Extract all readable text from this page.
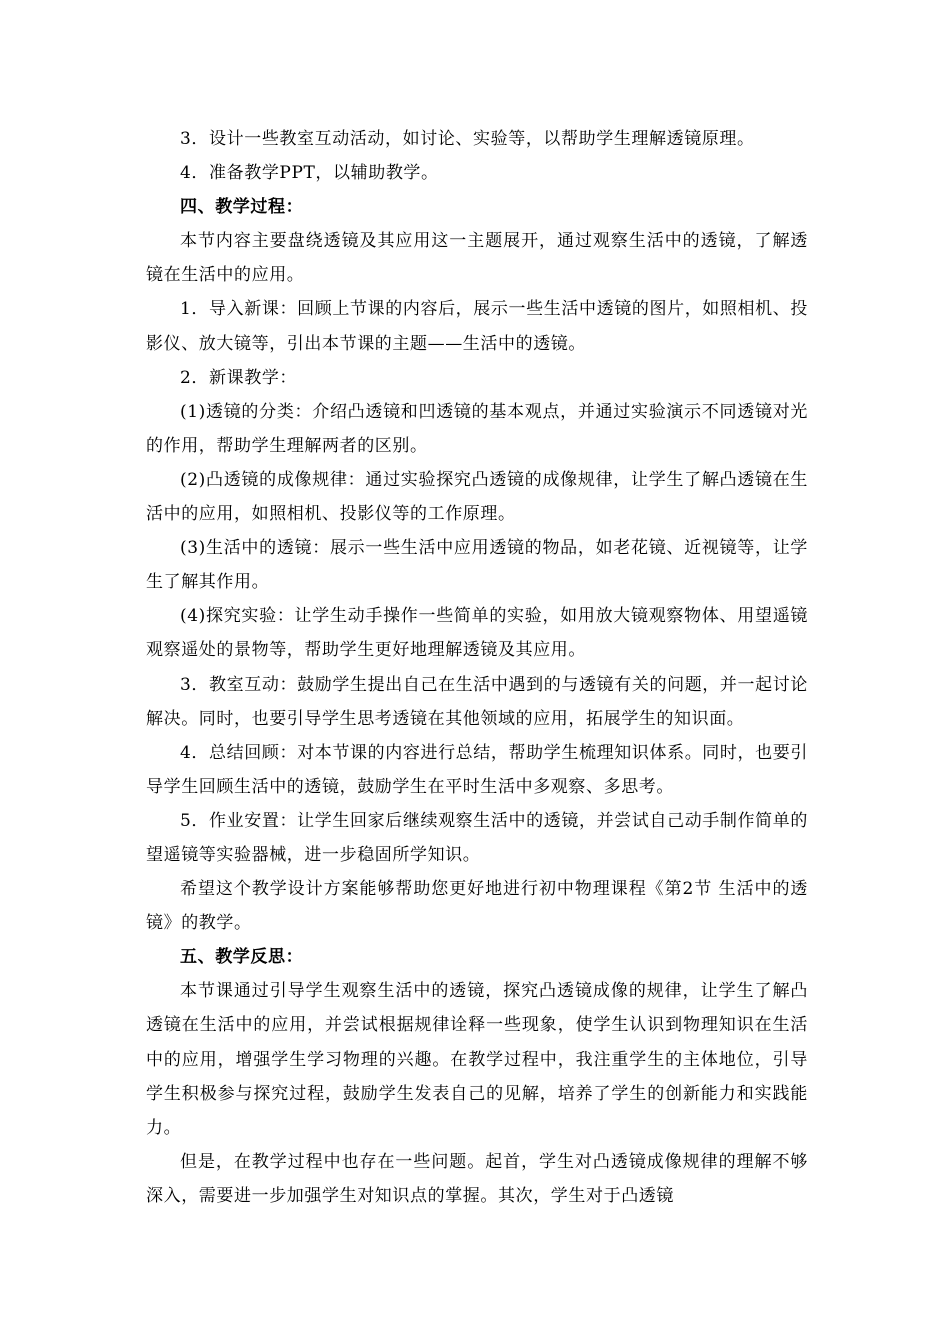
3．设计一些教室互动活动，如讨论、实验等，以帮助学生理解透镜原理。

4．准备教学PPT，以辅助教学。

四、教学过程：

本节内容主要盘绕透镜及其应用这一主题展开，通过观察生活中的透镜，了解透镜在生活中的应用。

1．导入新课：回顾上节课的内容后，展示一些生活中透镜的图片，如照相机、投影仪、放大镜等，引出本节课的主题——生活中的透镜。

2．新课教学：

(1)透镜的分类：介绍凸透镜和凹透镜的基本观点，并通过实验演示不同透镜对光的作用，帮助学生理解两者的区别。

(2)凸透镜的成像规律：通过实验探究凸透镜的成像规律，让学生了解凸透镜在生活中的应用，如照相机、投影仪等的工作原理。

(3)生活中的透镜：展示一些生活中应用透镜的物品，如老花镜、近视镜等，让学生了解其作用。

(4)探究实验：让学生动手操作一些简单的实验，如用放大镜观察物体、用望遥镜观察遥处的景物等，帮助学生更好地理解透镜及其应用。

3．教室互动：鼓励学生提出自己在生活中遇到的与透镜有关的问题，并一起讨论解决。同时，也要引导学生思考透镜在其他领域的应用，拓展学生的知识面。

4．总结回顾：对本节课的内容进行总结，帮助学生梳理知识体系。同时，也要引导学生回顾生活中的透镜，鼓励学生在平时生活中多观察、多思考。

5．作业安置：让学生回家后继续观察生活中的透镜，并尝试自己动手制作简单的望遥镜等实验器械，进一步稳固所学知识。

希望这个教学设计方案能够帮助您更好地进行初中物理课程《第2节 生活中的透镜》的教学。

五、教学反思：

本节课通过引导学生观察生活中的透镜，探究凸透镜成像的规律，让学生了解凸透镜在生活中的应用，并尝试根据规律诠释一些现象，使学生认识到物理知识在生活中的应用，增强学生学习物理的兴趣。在教学过程中，我注重学生的主体地位，引导学生积极参与探究过程，鼓励学生发表自己的见解，培养了学生的创新能力和实践能力。

但是，在教学过程中也存在一些问题。起首，学生对凸透镜成像规律的理解不够深入，需要进一步加强学生对知识点的掌握。其次，学生对于凸透镜
